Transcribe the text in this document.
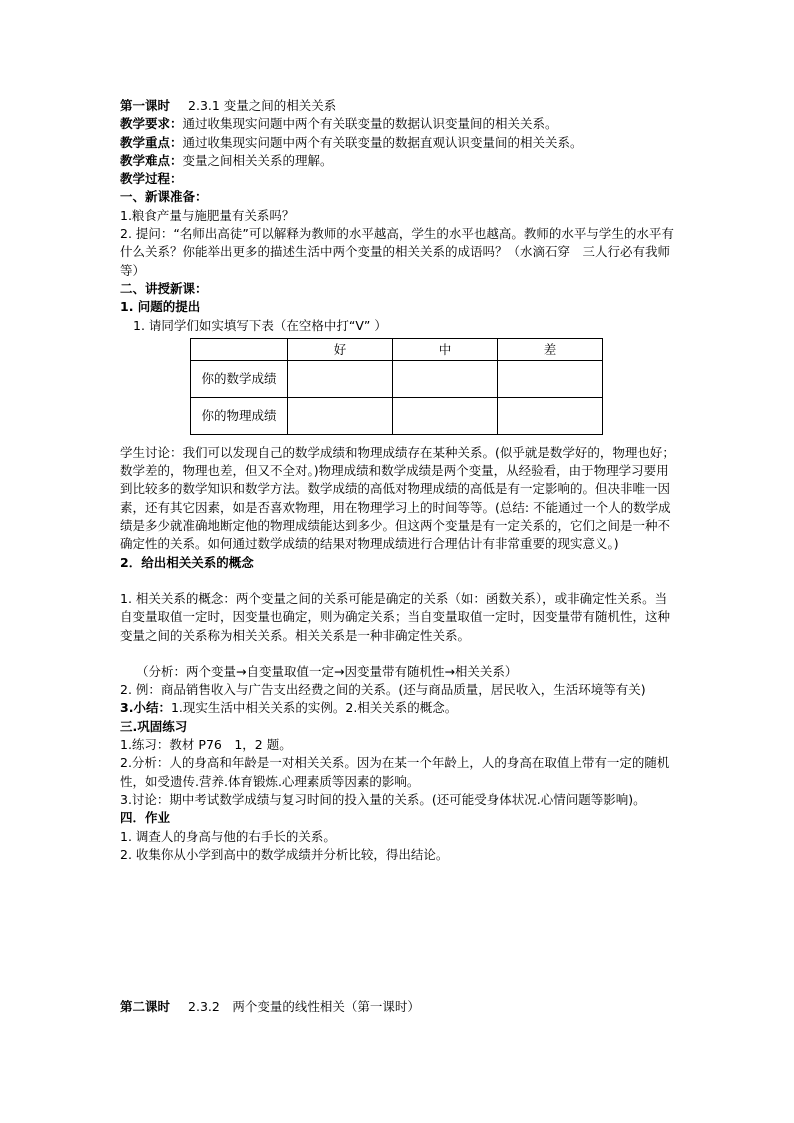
第一课时 2.3.1 变量之间的相关关系
教学要求：通过收集现实问题中两个有关联变量的数据认识变量间的相关关系。
教学重点：通过收集现实问题中两个有关联变量的数据直观认识变量间的相关关系。
教学难点：变量之间相关关系的理解。
教学过程：
一、新课准备：
1.粮食产量与施肥量有关系吗？
2. 提问：“名师出高徒”可以解释为教师的水平越高，学生的水平也越高。教师的水平与学生的水平有什么关系？你能举出更多的描述生活中两个变量的相关关系的成语吗？（水滴石穿　三人行必有我师等）
二、讲授新课：
1. 问题的提出
1. 请同学们如实填写下表（在空格中打“V” ）
	好	中	差
你的数学成绩			
你的物理成绩			
学生讨论：我们可以发现自己的数学成绩和物理成绩存在某种关系。(似乎就是数学好的，物理也好；数学差的，物理也差，但又不全对。)物理成绩和数学成绩是两个变量，从经验看，由于物理学习要用到比较多的数学知识和数学方法。数学成绩的高低对物理成绩的高低是有一定影响的。但决非唯一因素，还有其它因素，如是否喜欢物理，用在物理学习上的时间等等。(总结: 不能通过一个人的数学成绩是多少就准确地断定他的物理成绩能达到多少。但这两个变量是有一定关系的，它们之间是一种不确定性的关系。如何通过数学成绩的结果对物理成绩进行合理估计有非常重要的现实意义。)
2．给出相关关系的概念
1. 相关关系的概念：两个变量之间的关系可能是确定的关系（如：函数关系），或非确定性关系。当自变量取值一定时，因变量也确定，则为确定关系；当自变量取值一定时，因变量带有随机性，这种变量之间的关系称为相关关系。相关关系是一种非确定性关系。
（分析：两个变量→自变量取值一定→因变量带有随机性→相关关系）
2. 例：商品销售收入与广告支出经费之间的关系。(还与商品质量，居民收入，生活环境等有关)
3.小结：1.现实生活中相关关系的实例。2.相关关系的概念。
三.巩固练习
1.练习：教材 P76　1，2 题。
2.分析：人的身高和年龄是一对相关关系。因为在某一个年龄上，人的身高在取值上带有一定的随机性，如受遗传.营养.体育锻炼.心理素质等因素的影响。
3.讨论：期中考试数学成绩与复习时间的投入量的关系。(还可能受身体状况.心情问题等影响)。
四．作业
1. 调查人的身高与他的右手长的关系。
2. 收集你从小学到高中的数学成绩并分析比较，得出结论。
第二课时 2.3.2　两个变量的线性相关（第一课时）
